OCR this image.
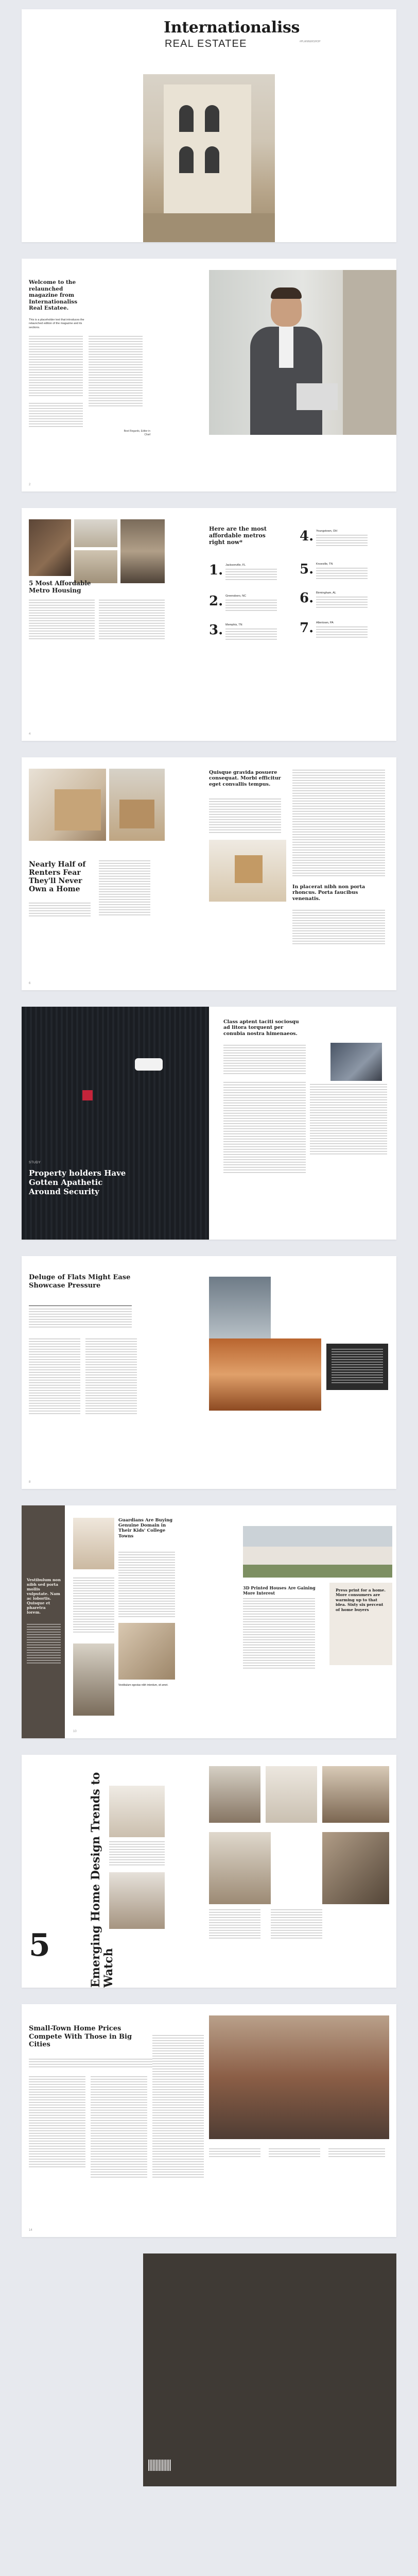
Internationaliss
REAL ESTATEE	#PLANNERSHOP
Welcome to the relaunched magazine from Internationaliss Real Estatee.
This is a placeholder text that introduces the relaunched edition of the magazine and its sections.
Best Regards, Editor in Chief
2
5 Most Affordable Metro Housing
4
Here are the most affordable metros right now*
1. Jacksonville, FL
2. Greensboro, NC
3. Memphis, TN
4. Youngstown, OH
5. Knoxville, TN
6. Birmingham, AL
7. Allentown, PA
Nearly Half of Renters Fear They'll Never Own a Home
6
Quisque gravida posuere consequat. Morbi efficitur eget convallis tempus.
In placerat nibh non porta rhoncus. Porta faucibus venenatis.
STUDY
Property holders Have Gotten Apathetic Around Security
Class aptent taciti sociosqu ad litora torquent per conubia nostra himenaeos.
Deluge of Flats Might Ease Showcase Pressure
8
Vestibulum non nibh sed porta mollis vulputate. Nam ac lobortis. Quisque et pharetra lorem.
Guardians Are Buying Genuine Domain in Their Kids' College Towns
Vestibulum egestas nibh interdum, sit amet.
10
3D Printed Houses Are Gaining More Interest
Press print for a home. More consumers are warming up to that idea. Sixty six percent of home buyers
Emerging Home Design Trends to Watch
5
Small-Town Home Prices Compete With Those in Big Cities
14
